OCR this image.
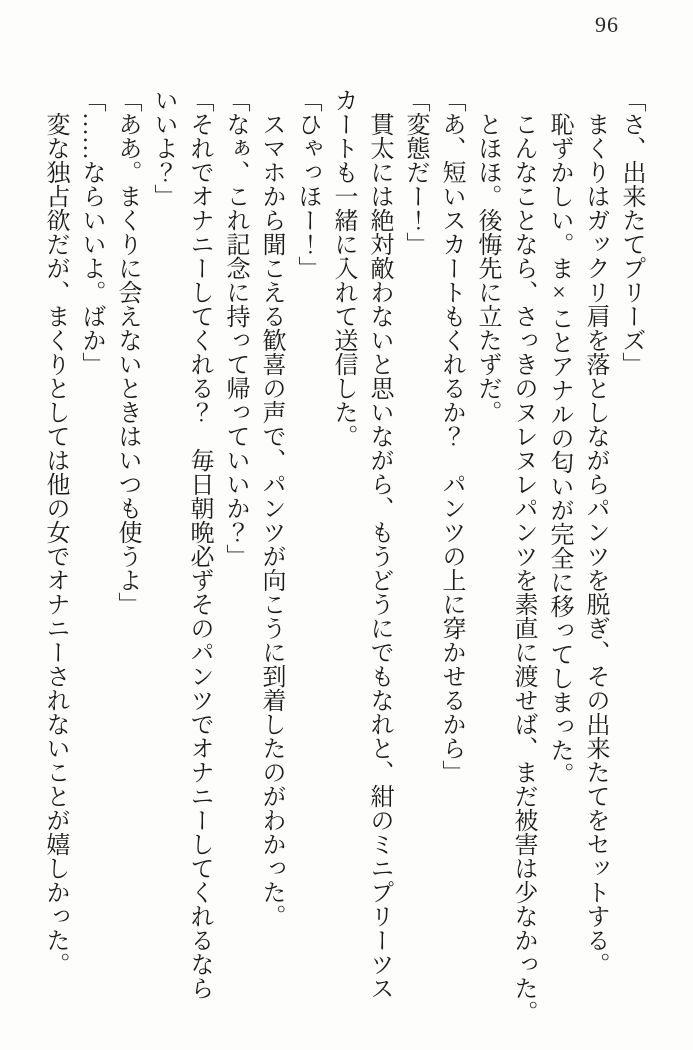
96
「さ、出来たてプリーズ」
まくりはガックリ肩を落としながらパンツを脱ぎ、その出来たてをセットする。
恥ずかしい。ま×ことアナルの匂いが完全に移ってしまった。
こんなことなら、さっきのヌレヌレパンツを素直に渡せば、まだ被害は少なかった。
とほほ。後悔先に立たずだ。
「あ、短いスカートもくれるか？　パンツの上に穿かせるから」
「変態だー！」
貫太には絶対敵わないと思いながら、もうどうにでもなれと、紺のミニプリーツス
カートも一緒に入れて送信した。
「ひゃっほー！」
スマホから聞こえる歓喜の声で、パンツが向こうに到着したのがわかった。
「なぁ、これ記念に持って帰っていいか？」
「それでオナニーしてくれる？　毎日朝晩必ずそのパンツでオナニーしてくれるなら
いいよ？」
「ああ。まくりに会えないときはいつも使うよ」
「……ならいいよ。ばか」
変な独占欲だが、まくりとしては他の女でオナニーされないことが嬉しかった。
